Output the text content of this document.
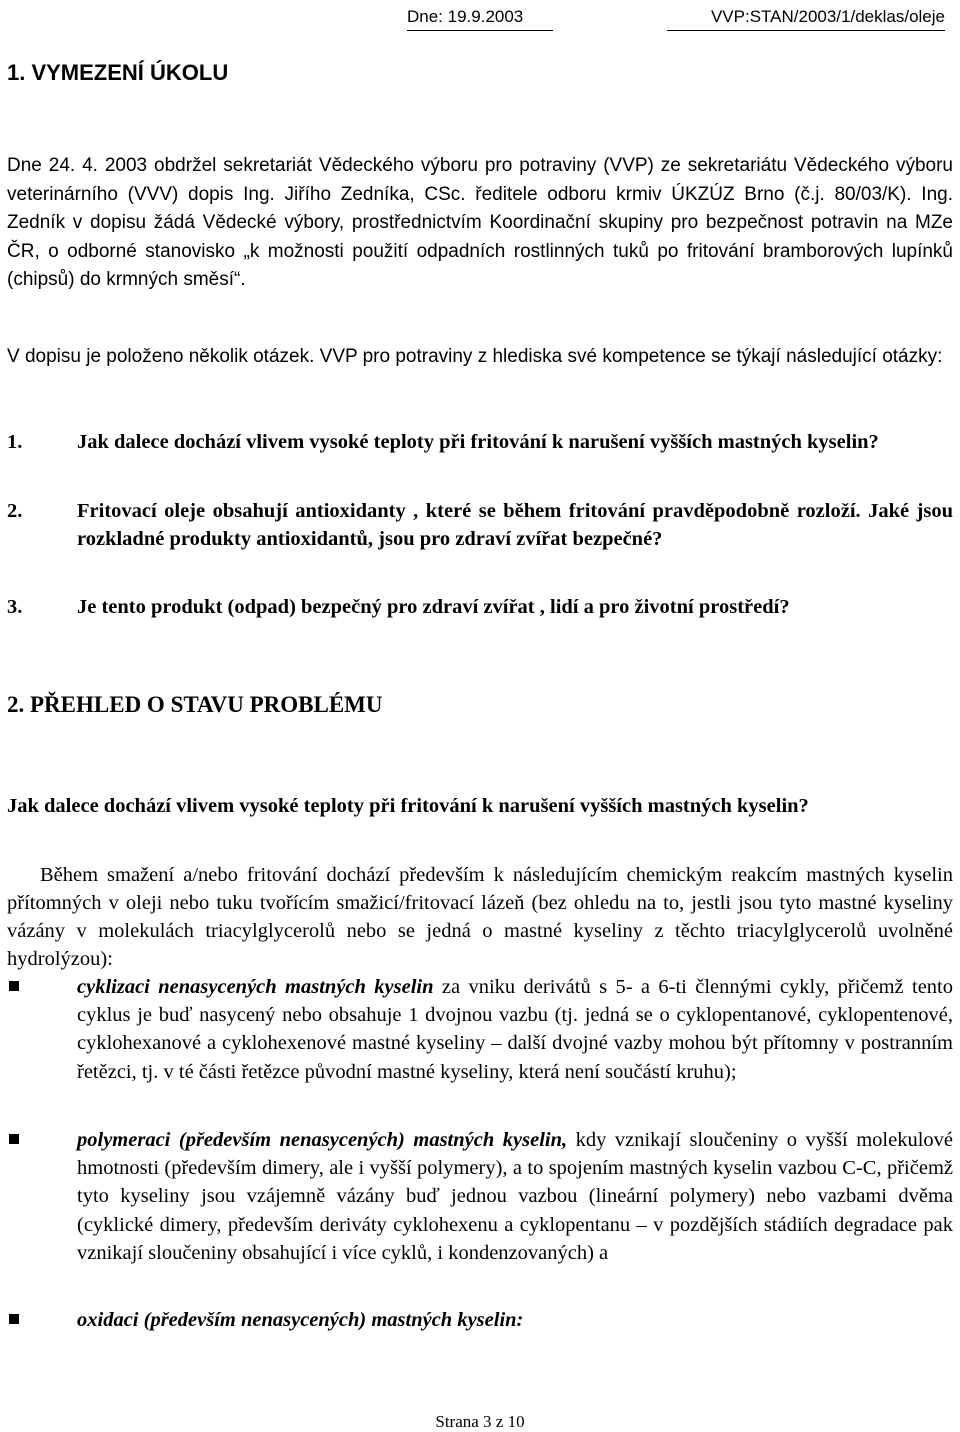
Dne: 19.9.2003	VVP:STAN/2003/1/deklas/oleje
1. VYMEZENÍ ÚKOLU

Dne 24. 4. 2003 obdržel sekretariát Vědeckého výboru pro potraviny (VVP) ze sekretariátu Vědeckého výboru veterinárního (VVV) dopis Ing. Jiřího Zedníka, CSc. ředitele odboru krmiv ÚKZÚZ Brno (č.j. 80/03/K). Ing. Zedník v dopisu žádá Vědecké výbory, prostřednictvím Koordinační skupiny pro bezpečnost potravin na MZe ČR, o odborné stanovisko „k možnosti použití odpadních rostlinných tuků po fritování bramborových lupínků (chipsů) do krmných směsí“.

V dopisu je položeno několik otázek. VVP pro potraviny z hlediska své kompetence se týkají následující otázky:

1.	Jak dalece dochází vlivem vysoké teploty při fritování k narušení vyšších mastných kyselin?
2.	Fritovací oleje obsahují antioxidanty , které se během fritování pravděpodobně rozloží. Jaké jsou rozkladné produkty antioxidantů, jsou pro zdraví zvířat bezpečné?
3.	Je tento produkt (odpad) bezpečný pro zdraví zvířat , lidí a pro životní prostředí?
2. PŘEHLED O STAVU PROBLÉMU
Jak dalece dochází vlivem vysoké teploty při fritování k narušení vyšších mastných kyselin?

Během smažení a/nebo fritování dochází především k následujícím chemickým reakcím mastných kyselin přítomných v oleji nebo tuku tvořícím smažicí/fritovací lázeň (bez ohledu na to, jestli jsou tyto mastné kyseliny vázány v molekulách triacylglycerolů nebo se jedná o mastné kyseliny z těchto triacylglycerolů uvolněné hydrolýzou):

cyklizaci nenasycených mastných kyselin za vniku derivátů s 5- a 6-ti člennými cykly, přičemž tento cyklus je buď nasycený nebo obsahuje 1 dvojnou vazbu (tj. jedná se o cyklopentanové, cyklopentenové, cyklohexanové a cyklohexenové mastné kyseliny – další dvojné vazby mohou být přítomny v postranním řetězci, tj. v té části řetězce původní mastné kyseliny, která není součástí kruhu);
polymeraci (především nenasycených) mastných kyselin, kdy vznikají sloučeniny o vyšší molekulové hmotnosti (především dimery, ale i vyšší polymery), a to spojením mastných kyselin vazbou C-C, přičemž tyto kyseliny jsou vzájemně vázány buď jednou vazbou (lineární polymery) nebo vazbami dvěma (cyklické dimery, především deriváty cyklohexenu a cyklopentanu – v pozdějších stádiích degradace pak vznikají sloučeniny obsahující i více cyklů, i kondenzovaných) a
oxidaci (především nenasycených) mastných kyselin:
Strana 3 z 10
